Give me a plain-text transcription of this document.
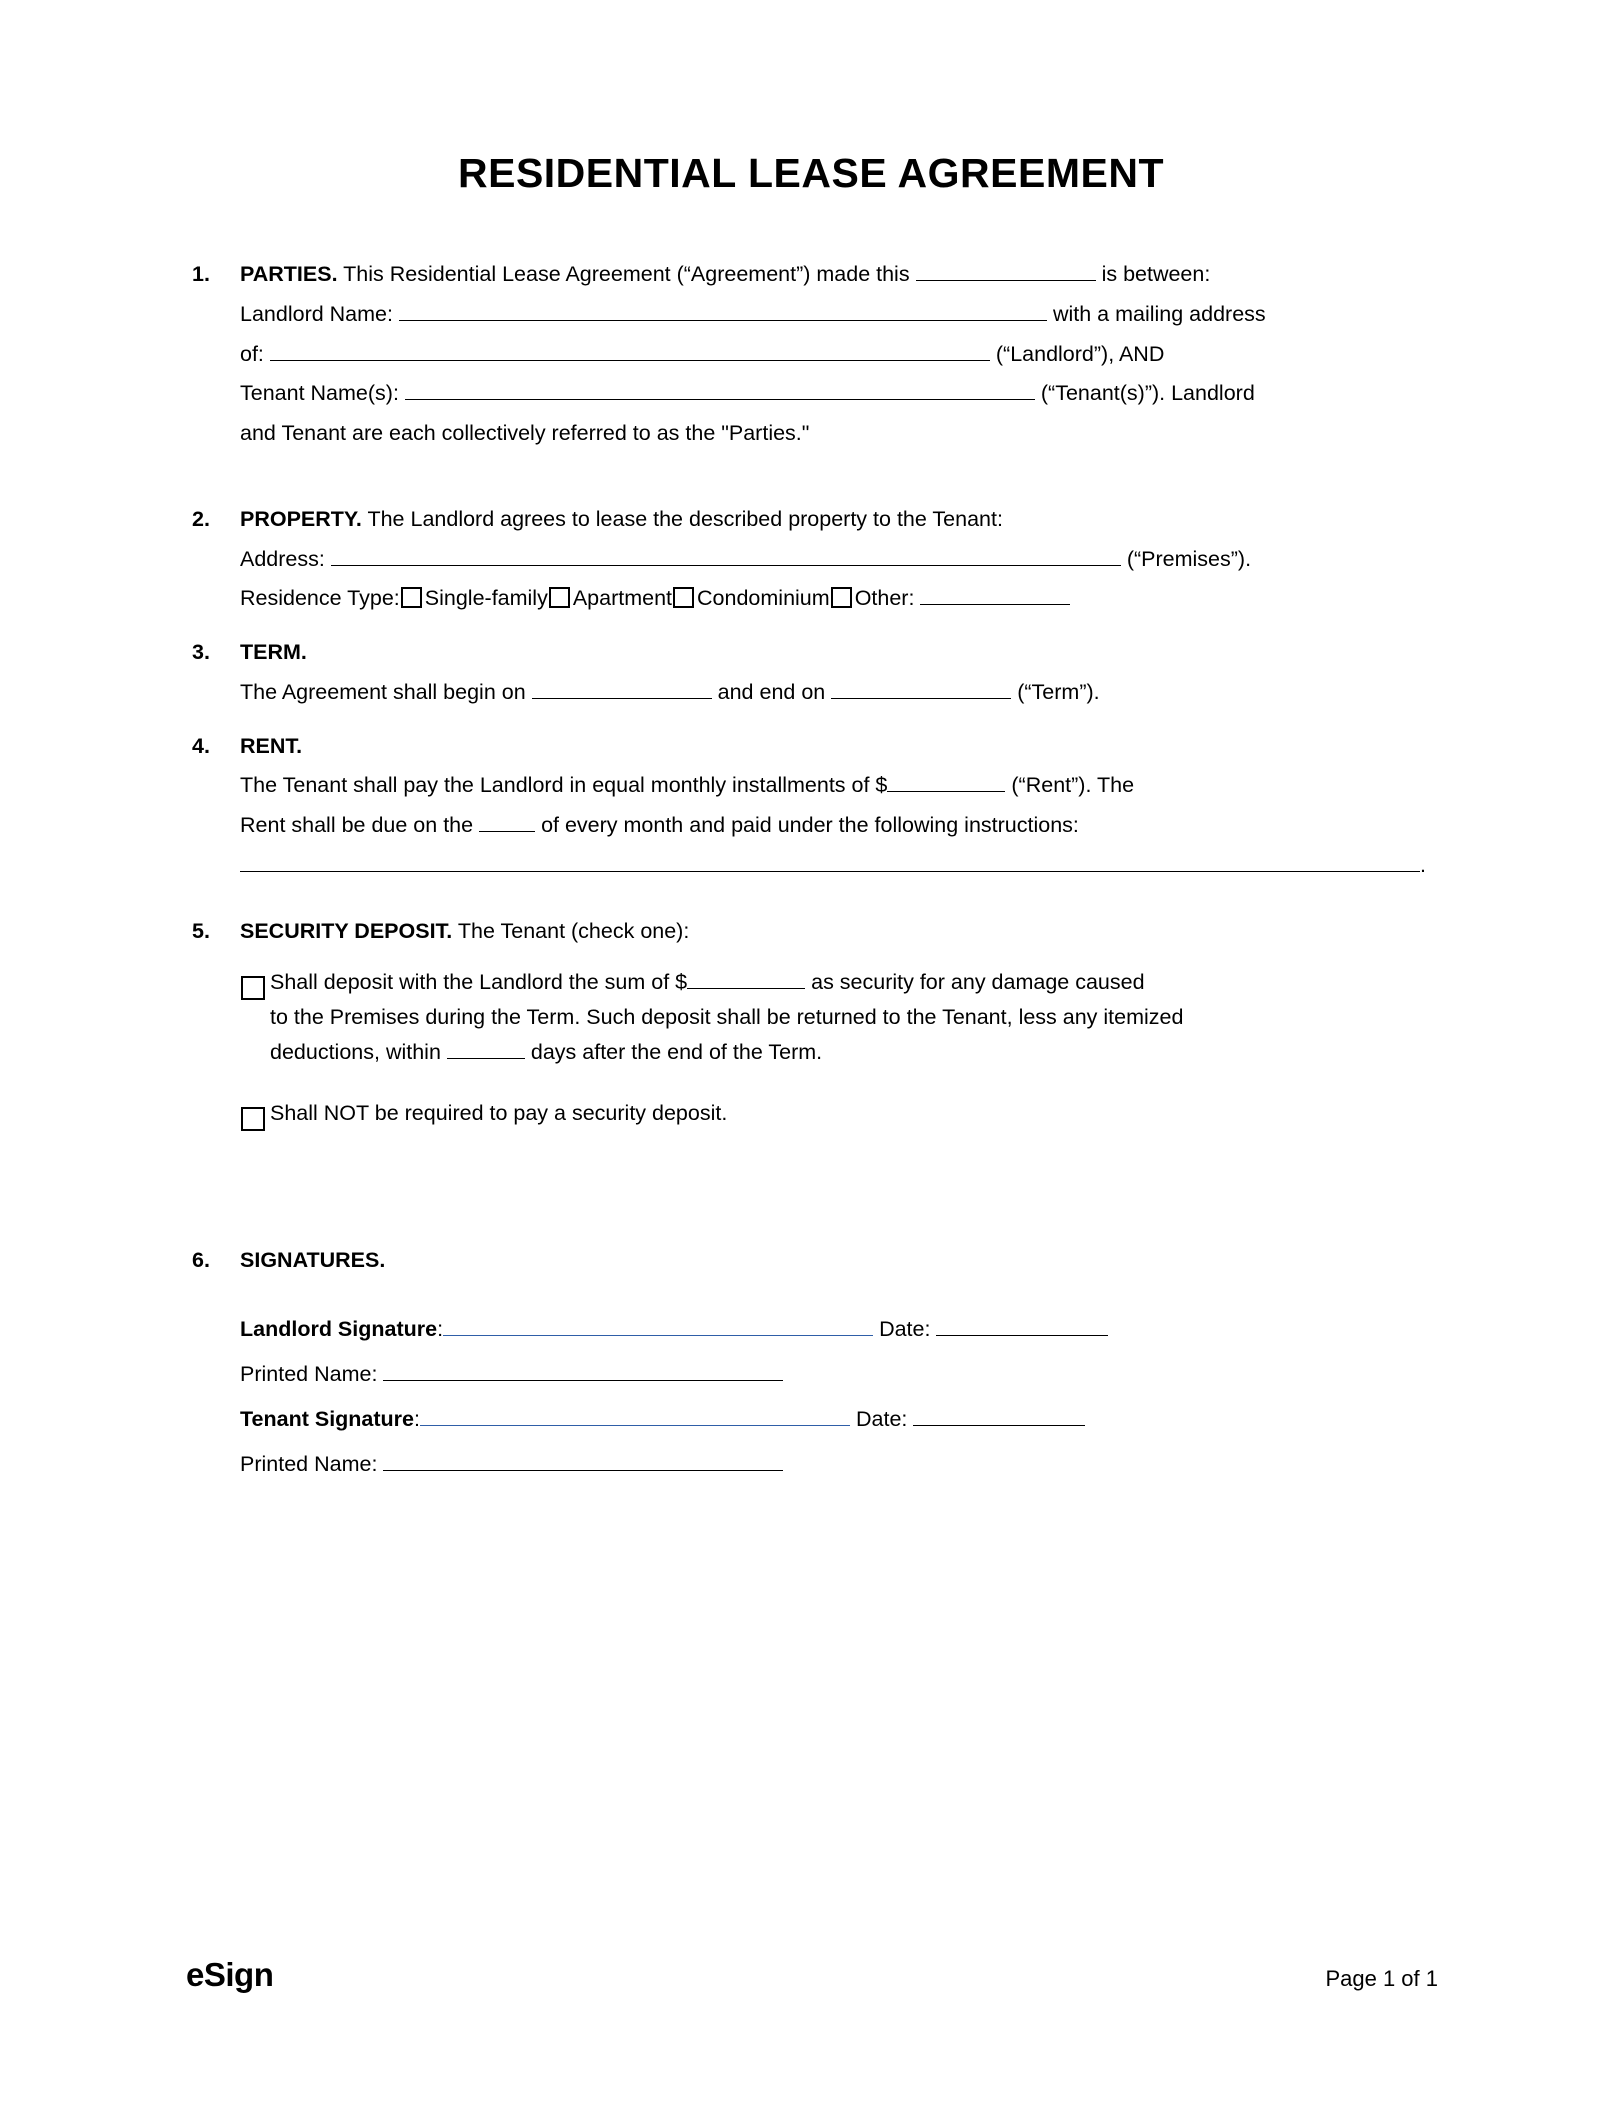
RESIDENTIAL LEASE AGREEMENT
1.	PARTIES. This Residential Lease Agreement (“Agreement”) made this	is between:

Landlord Name:	with a mailing address

of:	(“Landlord”), AND

Tenant Name(s):	(“Tenant(s)”). Landlord

and Tenant are each collectively referred to as the "Parties."

2.	PROPERTY. The Landlord agrees to lease the described property to the Tenant:

Address:	(“Premises”).

Residence Type: Single-family Apartment Condominium Other:

3.	TERM.

The Agreement shall begin on	and end on	(“Term”).

4.	RENT.

The Tenant shall pay the Landlord in equal monthly installments of $	(“Rent”). The

Rent shall be due on the	of every month and paid under the following instructions:

.

5.	SECURITY DEPOSIT. The Tenant (check one):

Shall deposit with the Landlord the sum of $	as security for any damage caused
to the Premises during the Term. Such deposit shall be returned to the Tenant, less any itemized
deductions, within	days after the end of the Term.
Shall NOT be required to pay a security deposit.
6.	SIGNATURES.

Landlord Signature:	Date:

Printed Name:

Tenant Signature:	Date:

Printed Name:

eSign	Page 1 of 1
